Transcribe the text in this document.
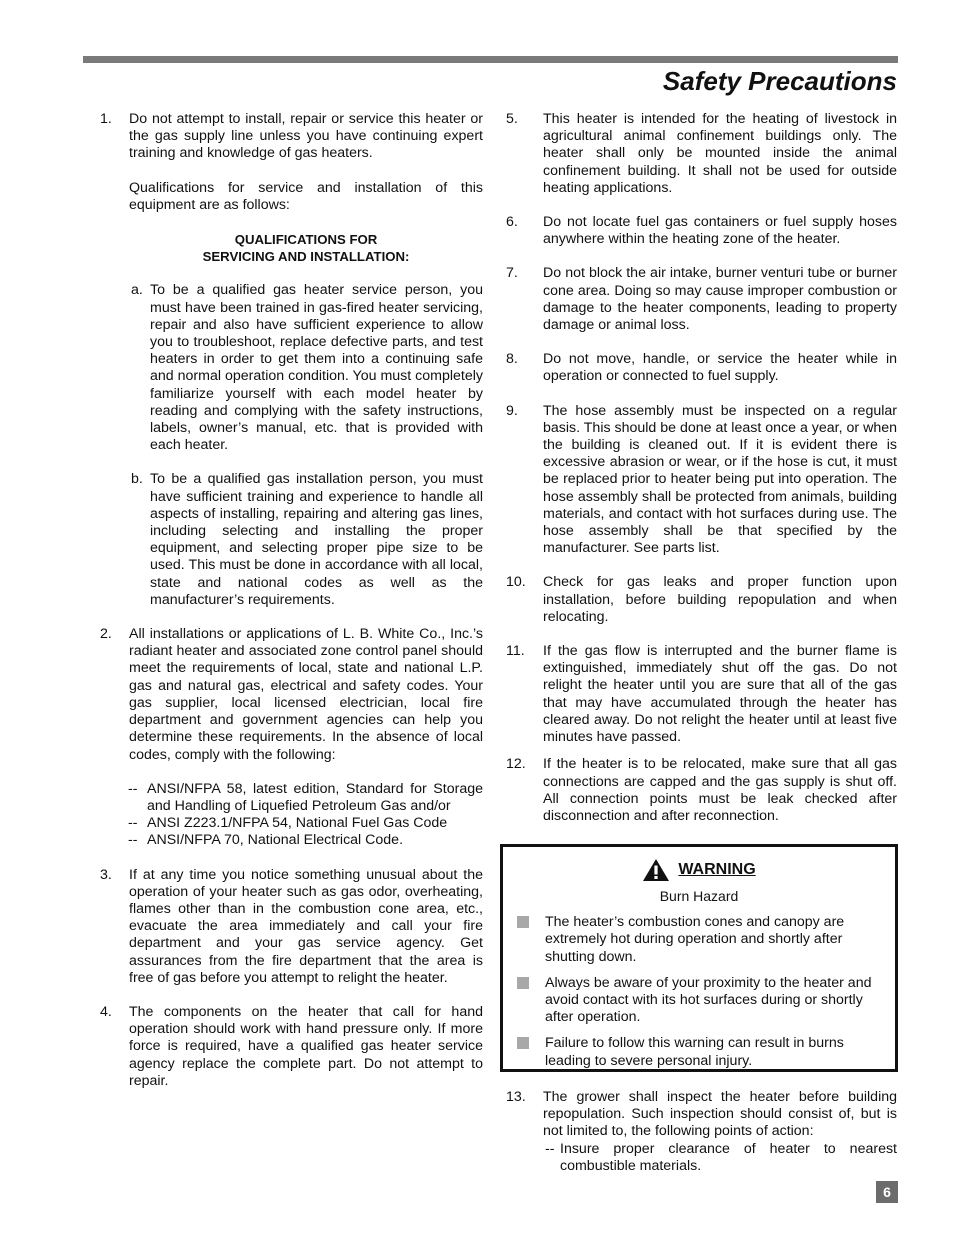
Safety Precautions
1.	Do not attempt to install, repair or service this heater or the gas supply line unless you have continuing expert training and knowledge of gas heaters.

Qualifications for service and installation of this equipment are as follows:

QUALIFICATIONS FOR
SERVICING AND INSTALLATION:
a. To be a qualified gas heater service person, you must have been trained in gas-fired heater servicing, repair and also have sufficient experience to allow you to troubleshoot, replace defective parts, and test heaters in order to get them into a continuing safe and normal operation condition. You must completely familiarize yourself with each model heater by reading and complying with the safety instructions, labels, owner’s manual, etc. that is provided with each heater.
b. To be a qualified gas installation person, you must have sufficient training and experience to handle all aspects of installing, repairing and altering gas lines, including selecting and installing the proper equipment, and selecting proper pipe size to be used. This must be done in accordance with all local, state and national codes as well as the manufacturer’s requirements.
2.	All installations or applications of L. B. White Co., Inc.’s radiant heater and associated zone control panel should meet the requirements of local, state and national L.P. gas and natural gas, electrical and safety codes. Your gas supplier, local licensed electrician, local fire department and government agencies can help you determine these requirements. In the absence of local codes, comply with the following:

-- ANSI/NFPA 58, latest edition, Standard for Storage and Handling of Liquefied Petroleum Gas and/or
-- ANSI Z223.1/NFPA 54, National Fuel Gas Code
-- ANSI/NFPA 70, National Electrical Code.
3.	If at any time you notice something unusual about the operation of your heater such as gas odor, overheating, flames other than in the combustion cone area, etc., evacuate the area immediately and call your fire department and your gas service agency. Get assurances from the fire department that the area is free of gas before you attempt to relight the heater.

4.	The components on the heater that call for hand operation should work with hand pressure only. If more force is required, have a qualified gas heater service agency replace the complete part. Do not attempt to repair.

5.	This heater is intended for the heating of livestock in agricultural animal confinement buildings only. The heater shall only be mounted inside the animal confinement building. It shall not be used for outside heating applications.

6.	Do not locate fuel gas containers or fuel supply hoses anywhere within the heating zone of the heater.

7.	Do not block the air intake, burner venturi tube or burner cone area. Doing so may cause improper combustion or damage to the heater components, leading to property damage or animal loss.

8.	Do not move, handle, or service the heater while in operation or connected to fuel supply.

9.	The hose assembly must be inspected on a regular basis. This should be done at least once a year, or when the building is cleaned out. If it is evident there is excessive abrasion or wear, or if the hose is cut, it must be replaced prior to heater being put into operation. The hose assembly shall be protected from animals, building materials, and contact with hot surfaces during use. The hose assembly shall be that specified by the manufacturer. See parts list.

10.	Check for gas leaks and proper function upon installation, before building repopulation and when relocating.

11.	If the gas flow is interrupted and the burner flame is extinguished, immediately shut off the gas. Do not relight the heater until you are sure that all of the gas that may have accumulated through the heater has cleared away. Do not relight the heater until at least five minutes have passed.

12.	If the heater is to be relocated, make sure that all gas connections are capped and the gas supply is shut off. All connection points must be leak checked after disconnection and after reconnection.

WARNING
Burn Hazard
The heater’s combustion cones and canopy are extremely hot during operation and shortly after shutting down.
Always be aware of your proximity to the heater and avoid contact with its hot surfaces during or shortly after operation.
Failure to follow this warning can result in burns leading to severe personal injury.
13.	The grower shall inspect the heater before building repopulation. Such inspection should consist of, but is not limited to, the following points of action:
-- Insure proper clearance of heater to nearest combustible materials.
6
